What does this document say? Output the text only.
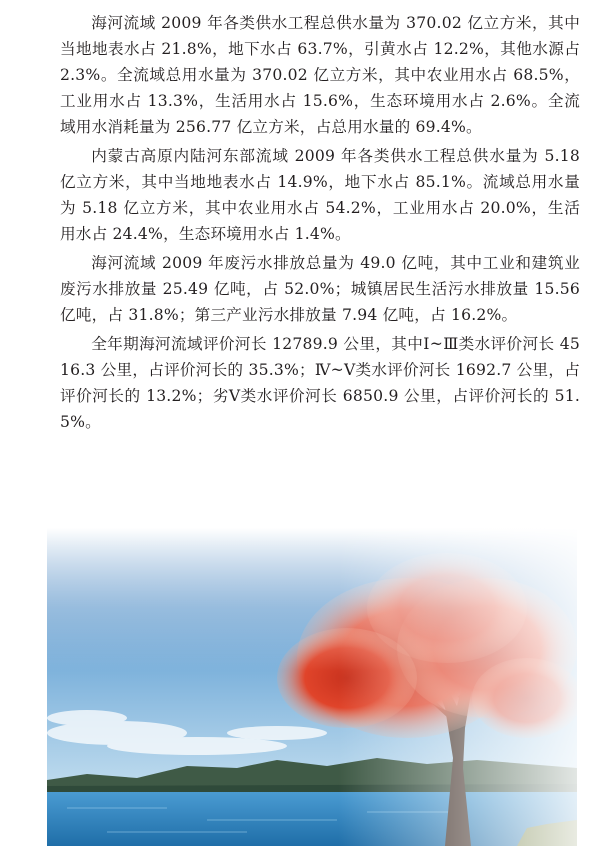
海河流域 2009 年各类供水工程总供水量为 370.02 亿立方米，其中当地地表水占 21.8%，地下水占 63.7%，引黄水占 12.2%，其他水源占 2.3%。全流域总用水量为 370.02 亿立方米，其中农业用水占 68.5%，工业用水占 13.3%，生活用水占 15.6%，生态环境用水占 2.6%。全流域用水消耗量为 256.77 亿立方米，占总用水量的 69.4%。

内蒙古高原内陆河东部流域 2009 年各类供水工程总供水量为 5.18 亿立方米，其中当地地表水占 14.9%，地下水占 85.1%。流域总用水量为 5.18 亿立方米，其中农业用水占 54.2%，工业用水占 20.0%，生活用水占 24.4%，生态环境用水占 1.4%。

海河流域 2009 年废污水排放总量为 49.0 亿吨，其中工业和建筑业废污水排放量 25.49 亿吨，占 52.0%；城镇居民生活污水排放量 15.56 亿吨，占 31.8%；第三产业污水排放量 7.94 亿吨，占 16.2%。

全年期海河流域评价河长 12789.9 公里，其中Ⅰ~Ⅲ类水评价河长 4516.3 公里，占评价河长的 35.3%；Ⅳ~Ⅴ类水评价河长 1692.7 公里，占评价河长的 13.2%；劣Ⅴ类水评价河长 6850.9 公里，占评价河长的 51.5%。
